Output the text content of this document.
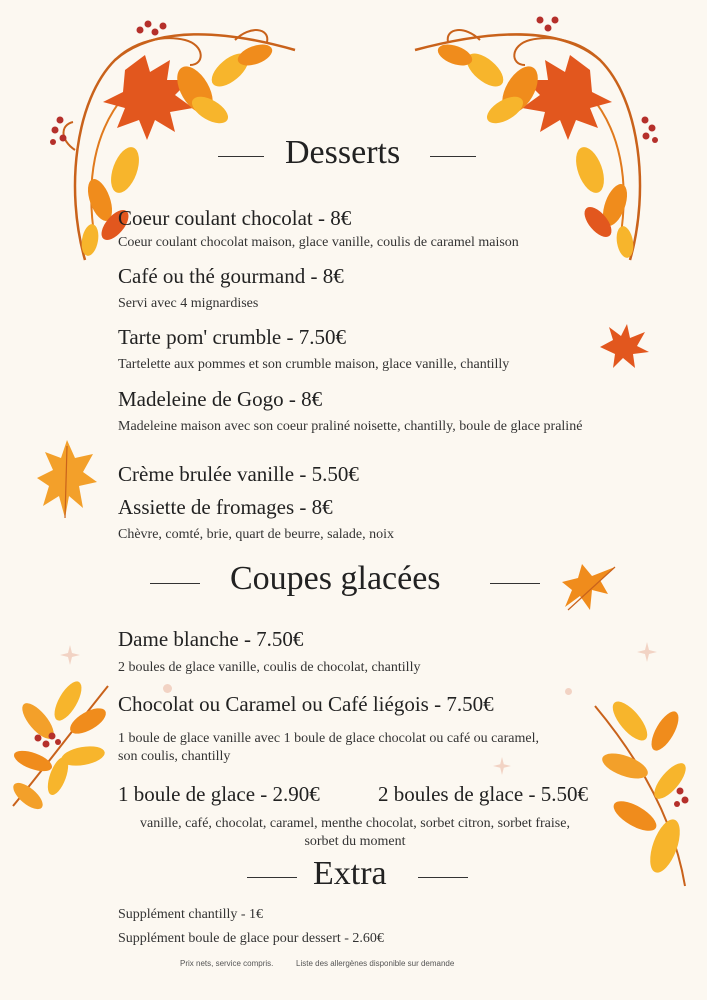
Desserts
Coeur coulant chocolat - 8€
Coeur coulant chocolat maison, glace vanille, coulis de caramel maison
Café ou thé gourmand - 8€
Servi avec 4 mignardises
Tarte pom' crumble - 7.50€
Tartelette aux pommes et son crumble maison, glace vanille, chantilly
Madeleine de Gogo - 8€
Madeleine maison avec son coeur praliné noisette, chantilly, boule de glace praliné
Crème brulée vanille - 5.50€
Assiette de fromages - 8€
Chèvre, comté, brie, quart de beurre, salade, noix
Coupes glacées
Dame blanche - 7.50€
2 boules de glace vanille, coulis de chocolat, chantilly
Chocolat ou Caramel ou Café liégois - 7.50€
1 boule de glace vanille avec 1 boule de glace chocolat ou café ou caramel, son coulis, chantilly
1 boule de glace - 2.90€	2 boules de glace - 5.50€
vanille, café, chocolat, caramel, menthe chocolat, sorbet citron, sorbet fraise, sorbet du moment
Extra
Supplément chantilly - 1€
Supplément boule de glace pour dessert - 2.60€
Prix nets, service compris.	Liste des allergènes disponible sur demande
